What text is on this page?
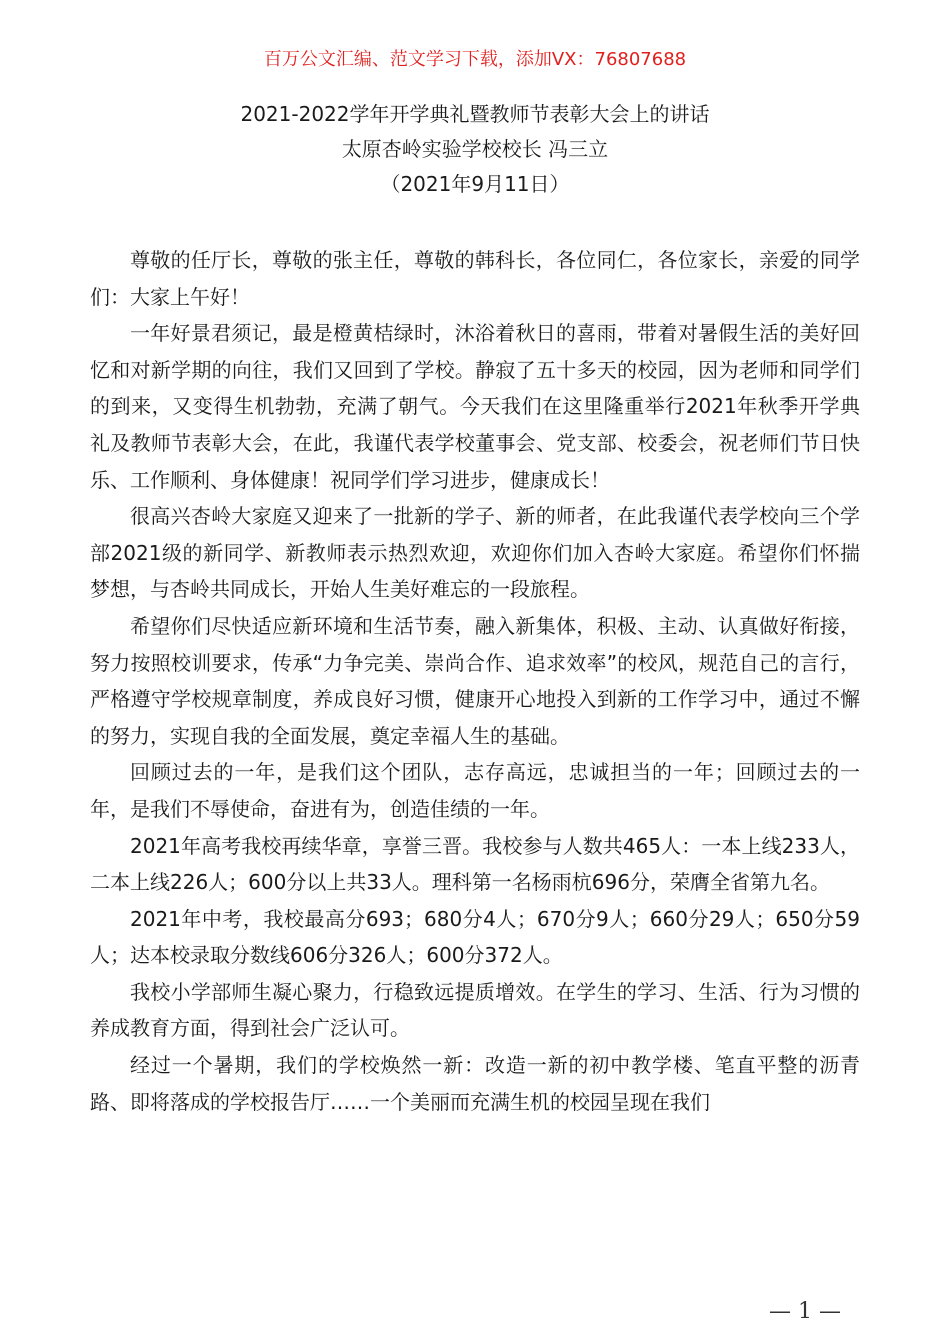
百万公文汇编、范文学习下载，添加VX：76807688
2021-2022学年开学典礼暨教师节表彰大会上的讲话
太原杏岭实验学校校长 冯三立
（2021年9月11日）

尊敬的任厅长，尊敬的张主任，尊敬的韩科长，各位同仁，各位家长，亲爱的同学们：大家上午好！

一年好景君须记，最是橙黄桔绿时，沐浴着秋日的喜雨，带着对暑假生活的美好回忆和对新学期的向往，我们又回到了学校。静寂了五十多天的校园，因为老师和同学们的到来，又变得生机勃勃，充满了朝气。今天我们在这里隆重举行2021年秋季开学典礼及教师节表彰大会，在此，我谨代表学校董事会、党支部、校委会，祝老师们节日快乐、工作顺利、身体健康！祝同学们学习进步，健康成长！

很高兴杏岭大家庭又迎来了一批新的学子、新的师者，在此我谨代表学校向三个学部2021级的新同学、新教师表示热烈欢迎，欢迎你们加入杏岭大家庭。希望你们怀揣梦想，与杏岭共同成长，开始人生美好难忘的一段旅程。

希望你们尽快适应新环境和生活节奏，融入新集体，积极、主动、认真做好衔接，努力按照校训要求，传承“力争完美、崇尚合作、追求效率”的校风，规范自己的言行，严格遵守学校规章制度，养成良好习惯，健康开心地投入到新的工作学习中，通过不懈的努力，实现自我的全面发展，奠定幸福人生的基础。

回顾过去的一年，是我们这个团队，志存高远，忠诚担当的一年；回顾过去的一年，是我们不辱使命，奋进有为，创造佳绩的一年。

2021年高考我校再续华章，享誉三晋。我校参与人数共465人：一本上线233人，二本上线226人；600分以上共33人。理科第一名杨雨杭696分，荣膺全省第九名。

2021年中考，我校最高分693；680分4人；670分9人；660分29人；650分59人；达本校录取分数线606分326人；600分372人。

我校小学部师生凝心聚力，行稳致远提质增效。在学生的学习、生活、行为习惯的养成教育方面，得到社会广泛认可。

经过一个暑期，我们的学校焕然一新：改造一新的初中教学楼、笔直平整的沥青路、即将落成的学校报告厅……一个美丽而充满生机的校园呈现在我们

— 1 —
